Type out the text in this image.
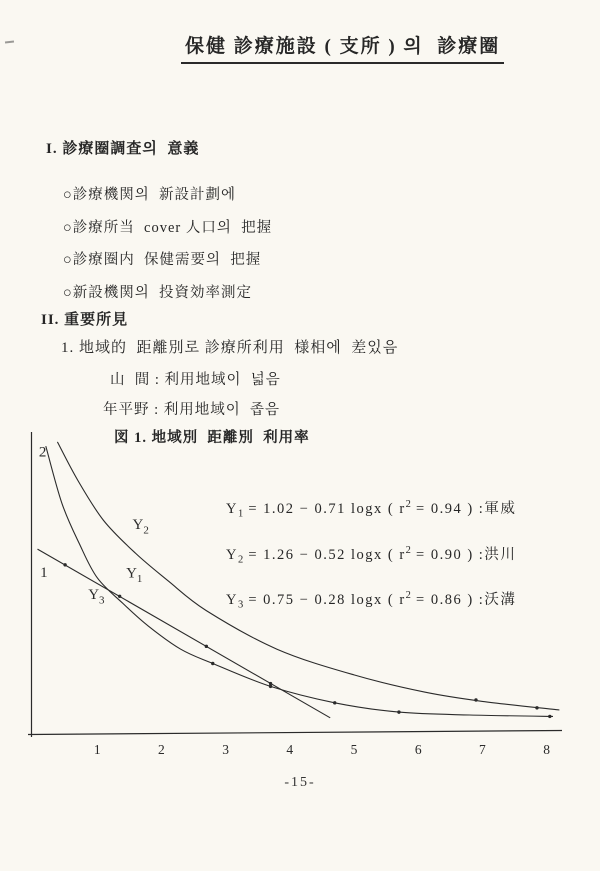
保健 診療施設 ( 支所 ) 의  診療圈
I. 診療圈調査의  意義
○診療機関의  新設計劃에
○診療所当  cover 人口의  把握
○診療圈内  保健需要의  把握
○新設機関의  投資効率測定
II. 重要所見
1. 地域的  距離別로 診療所利用  様相에  差있음
山  間 : 利用地域이  넓음
年平野 : 利用地域이  좁음
図 1. 地域別  距離別  利用率
1	2	3	4	5	6	7	8
2
1	$Y_1$
$Y_2$
$Y_3$
$Y_1 = 1.02 - 0.71$ logx ( $r^2 = 0.94$ ) :軍威
$Y_2 = 1.26 - 0.52$ logx ( $r^2 = 0.90$ ) :洪川
$Y_3 = 0.75 - 0.28$ logx ( $r^2 = 0.86$ ) :沃溝
-15-
